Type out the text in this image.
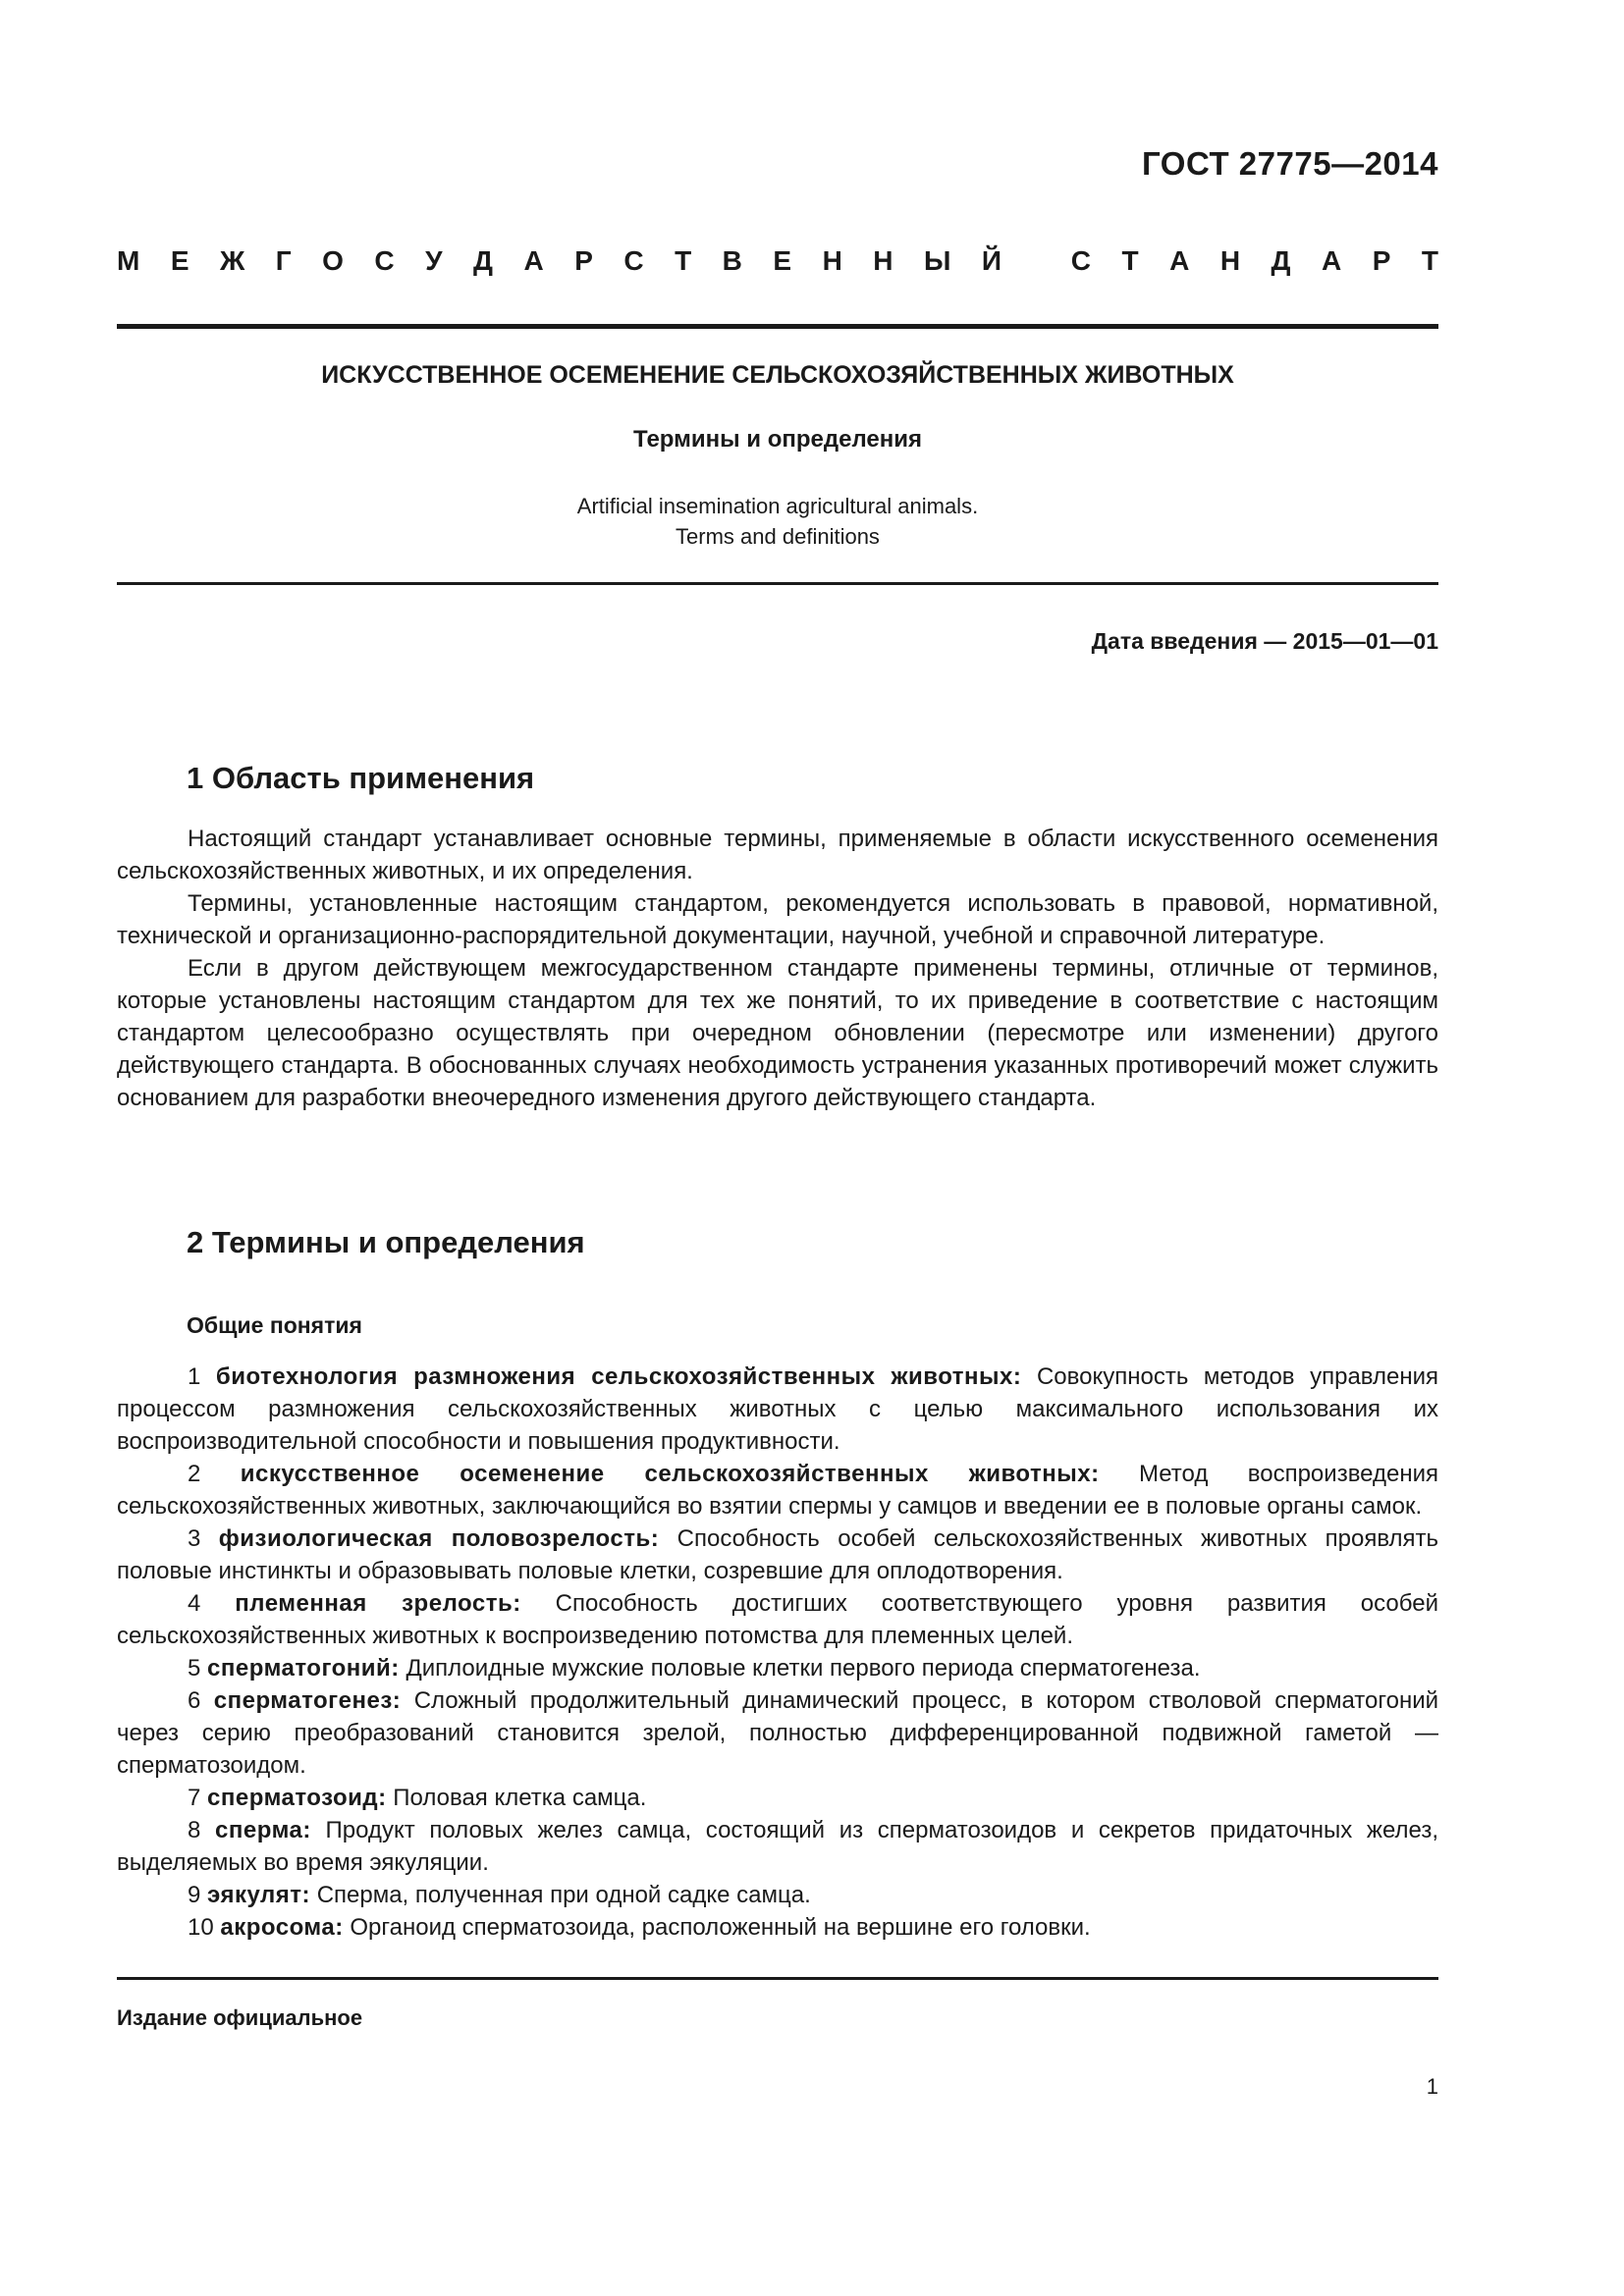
ГОСТ 27775—2014
М Е Ж Г О С У Д А Р С Т В Е Н Н Ы Й
	С Т А Н Д А Р Т
ИСКУССТВЕННОЕ ОСЕМЕНЕНИЕ СЕЛЬСКОХОЗЯЙСТВЕННЫХ ЖИВОТНЫХ
Термины и определения
Artificial insemination agricultural animals.
Terms and definitions
Дата введения — 2015—01—01
1 Область применения

Настоящий стандарт устанавливает основные термины, применяемые в области искусственного осеменения сельскохозяйственных животных, и их определения.

Термины, установленные настоящим стандартом, рекомендуется использовать в правовой, нормативной, технической и организационно-распорядительной документации, научной, учебной и справочной литературе.

Если в другом действующем межгосударственном стандарте применены термины, отличные от терминов, которые установлены настоящим стандартом для тех же понятий, то их приведение в соответствие с настоящим стандартом целесообразно осуществлять при очередном обновлении (пересмотре или изменении) другого действующего стандарта. В обоснованных случаях необходимость устранения указанных противоречий может служить основанием для разработки внеочередного изменения другого действующего стандарта.

2 Термины и определения
Общие понятия

1 биотехнология размножения сельскохозяйственных животных: Совокупность методов управления процессом размножения сельскохозяйственных животных с целью максимального использования их воспроизводительной способности и повышения продуктивности.

2 искусственное осеменение сельскохозяйственных животных: Метод воспроизведения сельскохозяйственных животных, заключающийся во взятии спермы у самцов и введении ее в половые органы самок.

3 физиологическая половозрелость: Способность особей сельскохозяйственных животных проявлять половые инстинкты и образовывать половые клетки, созревшие для оплодотворения.

4 племенная зрелость: Способность достигших соответствующего уровня развития особей сельскохозяйственных животных к воспроизведению потомства для племенных целей.

5 сперматогоний: Диплоидные мужские половые клетки первого периода сперматогенеза.

6 сперматогенез: Сложный продолжительный динамический процесс, в котором стволовой сперматогоний через серию преобразований становится зрелой, полностью дифференцированной подвижной гаметой — сперматозоидом.

7 сперматозоид: Половая клетка самца.

8 сперма: Продукт половых желез самца, состоящий из сперматозоидов и секретов придаточных желез, выделяемых во время эякуляции.

9 эякулят: Сперма, полученная при одной садке самца.

10 акросома: Органоид сперматозоида, расположенный на вершине его головки.

Издание официальное
1
